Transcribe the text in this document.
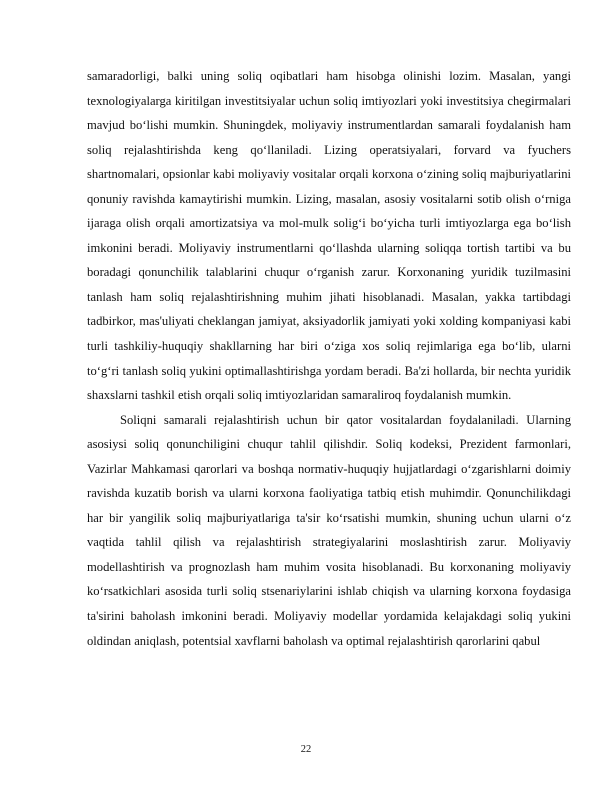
samaradorligi, balki uning soliq oqibatlari ham hisobga olinishi lozim. Masalan, yangi texnologiyalarga kiritilgan investitsiyalar uchun soliq imtiyozlari yoki investitsiya chegirmalari mavjud bo‘lishi mumkin. Shuningdek, moliyaviy instrumentlardan samarali foydalanish ham soliq rejalashtirishda keng qo‘llaniladi. Lizing operatsiyalari, forvard va fyuchers shartnomalari, opsionlar kabi moliyaviy vositalar orqali korxona o‘zining soliq majburiyatlarini qonuniy ravishda kamaytirishi mumkin. Lizing, masalan, asosiy vositalarni sotib olish o‘rniga ijaraga olish orqali amortizatsiya va mol-mulk solig‘i bo‘yicha turli imtiyozlarga ega bo‘lish imkonini beradi. Moliyaviy instrumentlarni qo‘llashda ularning soliqqa tortish tartibi va bu boradagi qonunchilik talablarini chuqur o‘rganish zarur. Korxonaning yuridik tuzilmasini tanlash ham soliq rejalashtirishning muhim jihati hisoblanadi. Masalan, yakka tartibdagi tadbirkor, mas'uliyati cheklangan jamiyat, aksiyadorlik jamiyati yoki xolding kompaniyasi kabi turli tashkiliy-huquqiy shakllarning har biri o‘ziga xos soliq rejimlariga ega bo‘lib, ularni to‘g‘ri tanlash soliq yukini optimallashtirishga yordam beradi. Ba'zi hollarda, bir nechta yuridik shaxslarni tashkil etish orqali soliq imtiyozlaridan samaraliroq foydalanish mumkin.

Soliqni samarali rejalashtirish uchun bir qator vositalardan foydalaniladi. Ularning asosiysi soliq qonunchiligini chuqur tahlil qilishdir. Soliq kodeksi, Prezident farmonlari, Vazirlar Mahkamasi qarorlari va boshqa normativ-huquqiy hujjatlardagi o‘zgarishlarni doimiy ravishda kuzatib borish va ularni korxona faoliyatiga tatbiq etish muhimdir. Qonunchilikdagi har bir yangilik soliq majburiyatlariga ta'sir ko‘rsatishi mumkin, shuning uchun ularni o‘z vaqtida tahlil qilish va rejalashtirish strategiyalarini moslashtirish zarur. Moliyaviy modellashtirish va prognozlash ham muhim vosita hisoblanadi. Bu korxonaning moliyaviy ko‘rsatkichlari asosida turli soliq stsenariylarini ishlab chiqish va ularning korxona foydasiga ta'sirini baholash imkonini beradi. Moliyaviy modellar yordamida kelajakdagi soliq yukini oldindan aniqlash, potentsial xavflarni baholash va optimal rejalashtirish qarorlarini qabul

22
